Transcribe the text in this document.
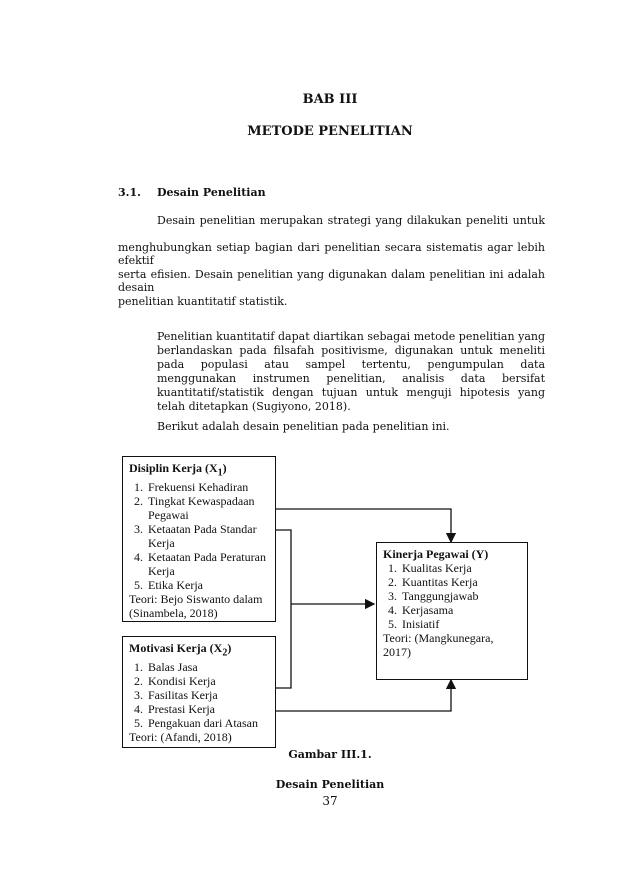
BAB III
METODE PENELITIAN
3.1. Desain Penelitian
Desain penelitian merupakan strategi yang dilakukan peneliti untuk
menghubungkan setiap bagian dari penelitian secara sistematis agar lebih efektif
serta efisien. Desain penelitian yang digunakan dalam penelitian ini adalah desain
penelitian kuantitatif statistik.
Penelitian kuantitatif dapat diartikan sebagai metode penelitian yang berlandaskan pada filsafah positivisme, digunakan untuk meneliti pada populasi atau sampel tertentu, pengumpulan data menggunakan instrumen penelitian, analisis data bersifat kuantitatif/statistik dengan tujuan untuk menguji hipotesis yang telah ditetapkan (Sugiyono, 2018).
Berikut adalah desain penelitian pada penelitian ini.
Disiplin Kerja $(X_1)$
1. Frekuensi Kehadiran
2. Tingkat Kewaspadaan Pegawai
3. Ketaatan Pada Standar Kerja
4. Ketaatan Pada Peraturan Kerja
5. Etika Kerja
Teori: Bejo Siswanto dalam (Sinambela, 2018)
Motivasi Kerja $(X_2)$
1. Balas Jasa
2. Kondisi Kerja
3. Fasilitas Kerja
4. Prestasi Kerja
5. Pengakuan dari Atasan
Teori: (Afandi, 2018)
Kinerja Pegawai (Y)
1. Kualitas Kerja
2. Kuantitas Kerja
3. Tanggungjawab
4. Kerjasama
5. Inisiatif
Teori: (Mangkunegara, 2017)
Gambar III.1.
Desain Penelitian
37
